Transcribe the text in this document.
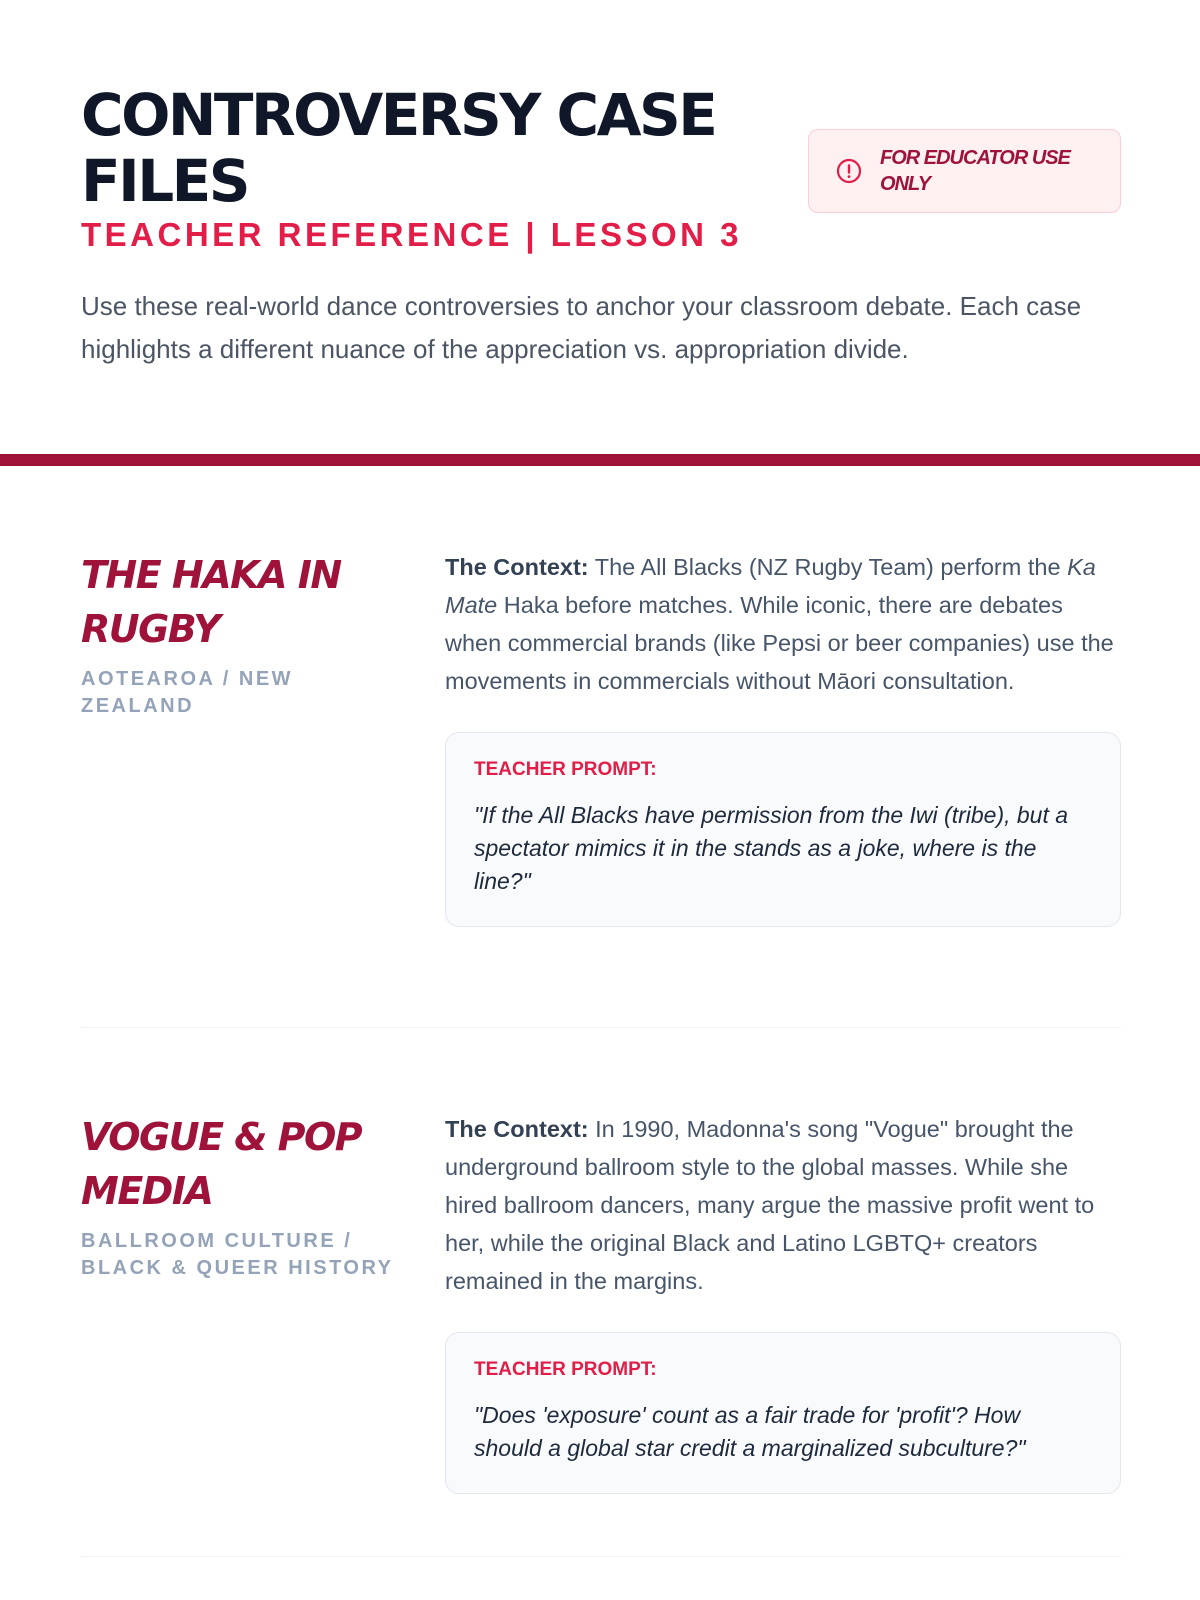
CONTROVERSY CASE FILES
TEACHER REFERENCE | LESSON 3
FOR EDUCATOR USE ONLY

Use these real-world dance controversies to anchor your classroom debate. Each case highlights a different nuance of the appreciation vs. appropriation divide.

THE HAKA IN RUGBY
AOTEAROA / NEW ZEALAND

The Context: The All Blacks (NZ Rugby Team) perform the Ka Mate Haka before matches. While iconic, there are debates when commercial brands (like Pepsi or beer companies) use the movements in commercials without Māori consultation.

TEACHER PROMPT:

"If the All Blacks have permission from the Iwi (tribe), but a spectator mimics it in the stands as a joke, where is the line?"

VOGUE & POP MEDIA
BALLROOM CULTURE / BLACK & QUEER HISTORY

The Context: In 1990, Madonna's song "Vogue" brought the underground ballroom style to the global masses. While she hired ballroom dancers, many argue the massive profit went to her, while the original Black and Latino LGBTQ+ creators remained in the margins.

TEACHER PROMPT:

"Does 'exposure' count as a fair trade for 'profit'? How should a global star credit a marginalized subculture?"
